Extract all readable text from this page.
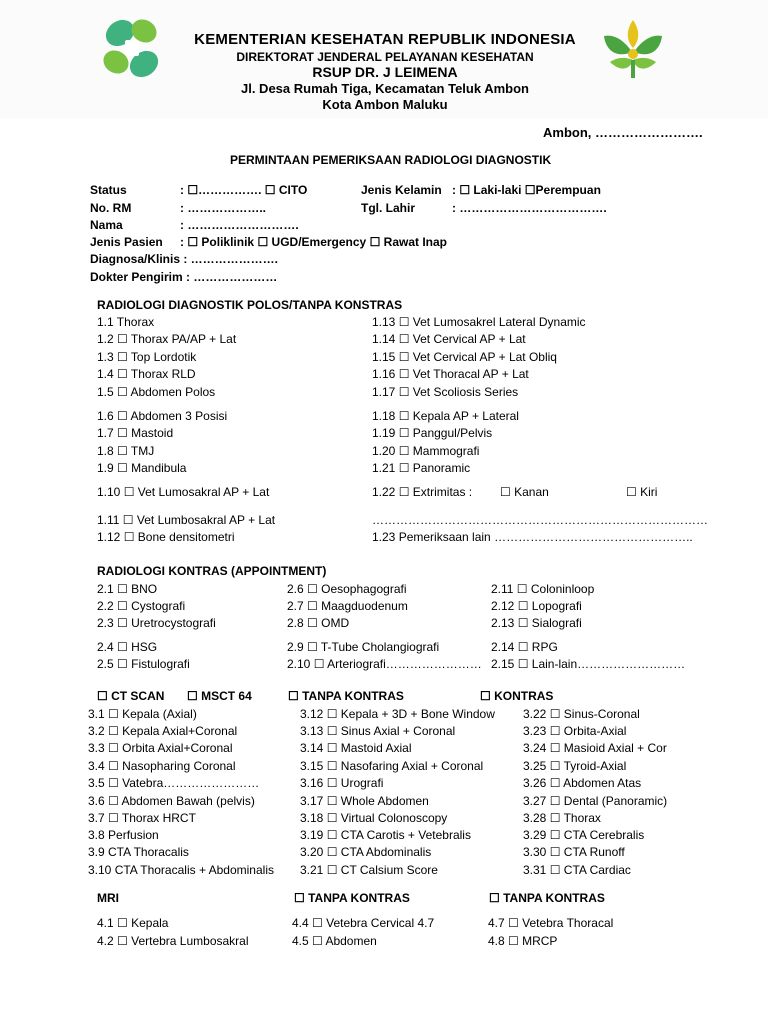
KEMENTERIAN KESEHATAN REPUBLIK INDONESIA
DIREKTORAT JENDERAL PELAYANAN KESEHATAN
RSUP DR. J LEIMENA
Jl. Desa Rumah Tiga, Kecamatan Teluk Ambon
Kota Ambon Maluku
Ambon, …………………….
PERMINTAAN PEMERIKSAAN RADIOLOGI DIAGNOSTIK
Status	: ☐……………. ☐ CITO
No. RM	: ………………..
Nama	: ……………………….
Jenis Pasien : ☐ Poliklinik ☐ UGD/Emergency ☐ Rawat Inap
Diagnosa/Klinis : ………………….
Dokter Pengirim : …………………
Jenis Kelamin : ☐ Laki-laki ☐Perempuan
Tgl. Lahir	: ……………………………….
RADIOLOGI DIAGNOSTIK POLOS/TANPA KONSTRAS
1.1 Thorax
1.2 ☐ Thorax PA/AP + Lat
1.3 ☐ Top Lordotik
1.4 ☐ Thorax RLD
1.5 ☐ Abdomen Polos
1.6 ☐ Abdomen 3 Posisi
1.7 ☐ Mastoid
1.8 ☐ TMJ
1.9 ☐ Mandibula
1.10 ☐ Vet Lumosakral AP + Lat
1.11 ☐ Vet Lumbosakral AP + Lat
1.12 ☐ Bone densitometri
1.13 ☐ Vet Lumosakrel Lateral Dynamic
1.14 ☐ Vet Cervical AP + Lat
1.15 ☐ Vet Cervical AP + Lat Obliq
1.16 ☐ Vet Thoracal AP + Lat
1.17 ☐ Vet Scoliosis Series
1.18 ☐ Kepala AP + Lateral
1.19 ☐ Panggul/Pelvis
1.20 ☐ Mammografi
1.21 ☐ Panoramic
1.22 ☐ Extrimitas : ☐ Kanan	☐ Kiri
…………………………………………………………………………
1.23 Pemeriksaan lain …………………………………………..
RADIOLOGI KONTRAS (APPOINTMENT)
2.1 ☐ BNO
2.2 ☐ Cystografi
2.3 ☐ Uretrocystografi
2.4 ☐ HSG
2.5 ☐ Fistulografi
2.6 ☐ Oesophagografi
2.7 ☐ Maagduodenum
2.8 ☐ OMD
2.9 ☐ T-Tube Cholangiografi
2.10 ☐ Arteriografi……………………
2.11 ☐ Coloninloop
2.12 ☐ Lopografi
2.13 ☐ Sialografi
2.14 ☐ RPG
2.15 ☐ Lain-lain………………………
☐ CT SCAN ☐ MSCT 64	☐ TANPA KONTRAS	☐ KONTRAS
3.1 ☐ Kepala (Axial)
3.2 ☐ Kepala Axial+Coronal
3.3 ☐ Orbita Axial+Coronal
3.4 ☐ Nasopharing Coronal
3.5 ☐ Vatebra……………………
3.6 ☐ Abdomen Bawah (pelvis)
3.7 ☐ Thorax HRCT
3.8 Perfusion
3.9 CTA Thoracalis
3.10 CTA Thoracalis + Abdominalis
3.12 ☐ Kepala + 3D + Bone Window
3.13 ☐ Sinus Axial + Coronal
3.14 ☐ Mastoid Axial
3.15 ☐ Nasofaring Axial + Coronal
3.16 ☐ Urografi
3.17 ☐ Whole Abdomen
3.18 ☐ Virtual Colonoscopy
3.19 ☐ CTA Carotis + Vetebralis
3.20 ☐ CTA Abdominalis
3.21 ☐ CT Calsium Score
3.22 ☐ Sinus-Coronal
3.23 ☐ Orbita-Axial
3.24 ☐ Masioid Axial + Cor
3.25 ☐ Tyroid-Axial
3.26 ☐ Abdomen Atas
3.27 ☐ Dental (Panoramic)
3.28 ☐ Thorax
3.29 ☐ CTA Cerebralis
3.30 ☐ CTA Runoff
3.31 ☐ CTA Cardiac
MRI	☐ TANPA KONTRAS	☐ TANPA KONTRAS
4.1 ☐ Kepala
4.2 ☐ Vertebra Lumbosakral
4.4 ☐ Vetebra Cervical 4.7
4.5 ☐ Abdomen
4.7 ☐ Vetebra Thoracal
4.8 ☐ MRCP
